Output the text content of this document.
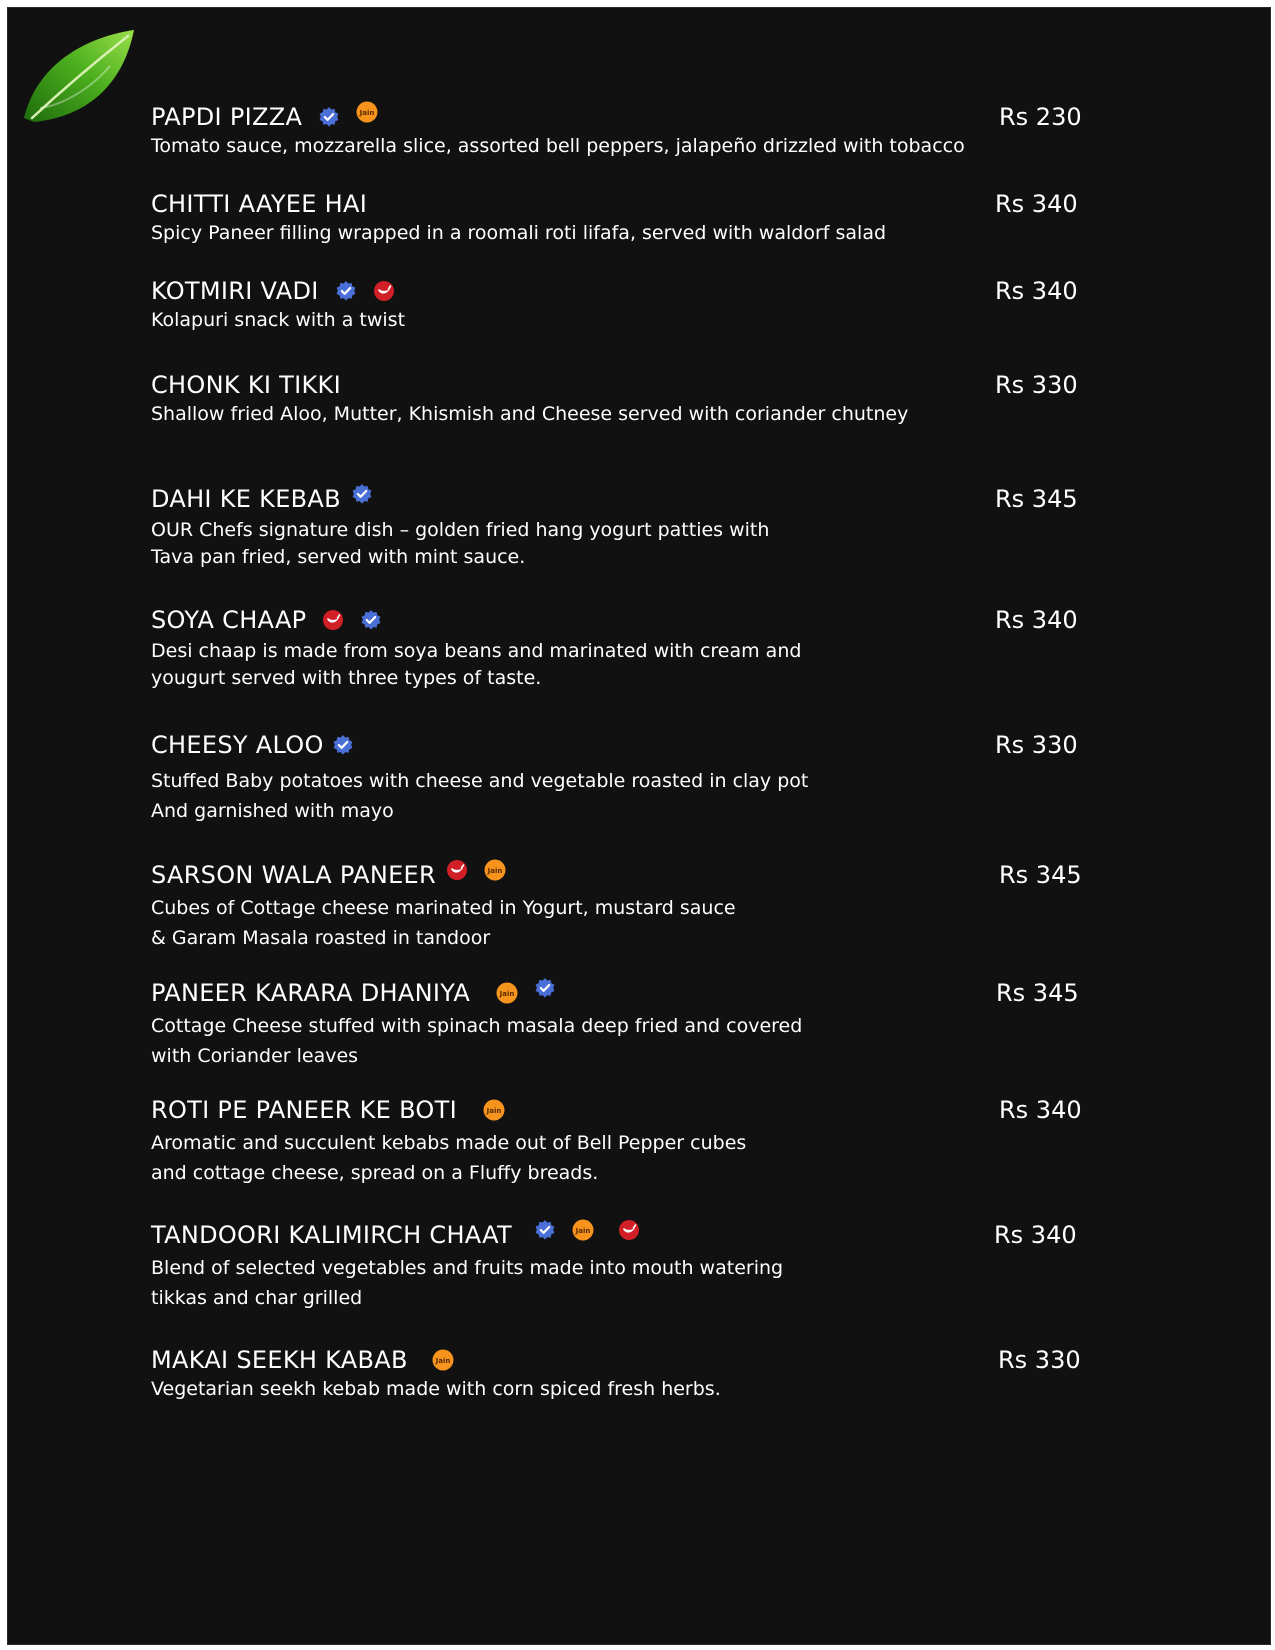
PAPDI PIZZA	Jain

Tomato sauce, mozzarella slice, assorted bell peppers, jalapeño drizzled with tobacco

Rs 230
CHITTI AAYEE HAI

Spicy Paneer filling wrapped in a roomali roti lifafa, served with waldorf salad

Rs 340
KOTMIRI VADI

Kolapuri snack with a twist

Rs 340
CHONK KI TIKKI

Shallow fried Aloo, Mutter, Khismish and Cheese served with coriander chutney

Rs 330
DAHI KE KEBAB

OUR Chefs signature dish – golden fried hang yogurt patties with

Tava pan fried, served with mint sauce.

Rs 345
SOYA CHAAP

Desi chaap is made from soya beans and marinated with cream and

yougurt served with three types of taste.

Rs 340
CHEESY ALOO

Stuffed Baby potatoes with cheese and vegetable roasted in clay pot

And garnished with mayo

Rs 330
SARSON WALA PANEER	Jain

Cubes of Cottage cheese marinated in Yogurt, mustard sauce

& Garam Masala roasted in tandoor

Rs 345
PANEER KARARA DHANIYA	Jain

Cottage Cheese stuffed with spinach masala deep fried and covered

with Coriander leaves

Rs 345
ROTI PE PANEER KE BOTI	Jain

Aromatic and succulent kebabs made out of Bell Pepper cubes

and cottage cheese, spread on a Fluffy breads.

Rs 340
TANDOORI KALIMIRCH CHAAT	Jain

Blend of selected vegetables and fruits made into mouth watering

tikkas and char grilled

Rs 340
MAKAI SEEKH KABAB	Jain

Vegetarian seekh kebab made with corn spiced fresh herbs.

Rs 330
